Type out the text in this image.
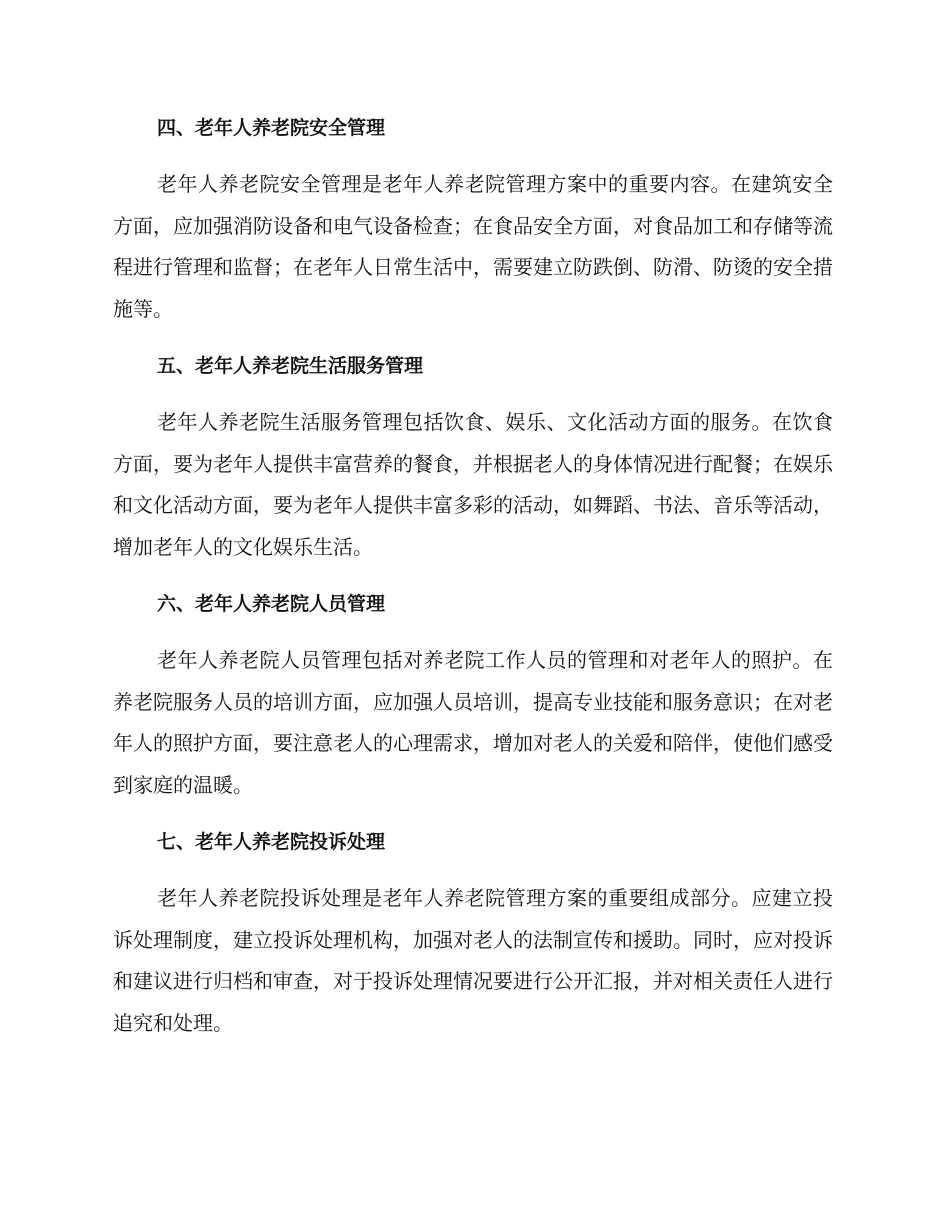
四、老年人养老院安全管理

老年人养老院安全管理是老年人养老院管理方案中的重要内容。在建筑安全方面，应加强消防设备和电气设备检查；在食品安全方面，对食品加工和存储等流程进行管理和监督；在老年人日常生活中，需要建立防跌倒、防滑、防烫的安全措施等。

五、老年人养老院生活服务管理

老年人养老院生活服务管理包括饮食、娱乐、文化活动方面的服务。在饮食方面，要为老年人提供丰富营养的餐食，并根据老人的身体情况进行配餐；在娱乐和文化活动方面，要为老年人提供丰富多彩的活动，如舞蹈、书法、音乐等活动，增加老年人的文化娱乐生活。

六、老年人养老院人员管理

老年人养老院人员管理包括对养老院工作人员的管理和对老年人的照护。在养老院服务人员的培训方面，应加强人员培训，提高专业技能和服务意识；在对老年人的照护方面，要注意老人的心理需求，增加对老人的关爱和陪伴，使他们感受到家庭的温暖。

七、老年人养老院投诉处理

老年人养老院投诉处理是老年人养老院管理方案的重要组成部分。应建立投诉处理制度，建立投诉处理机构，加强对老人的法制宣传和援助。同时，应对投诉和建议进行归档和审查，对于投诉处理情况要进行公开汇报，并对相关责任人进行追究和处理。
